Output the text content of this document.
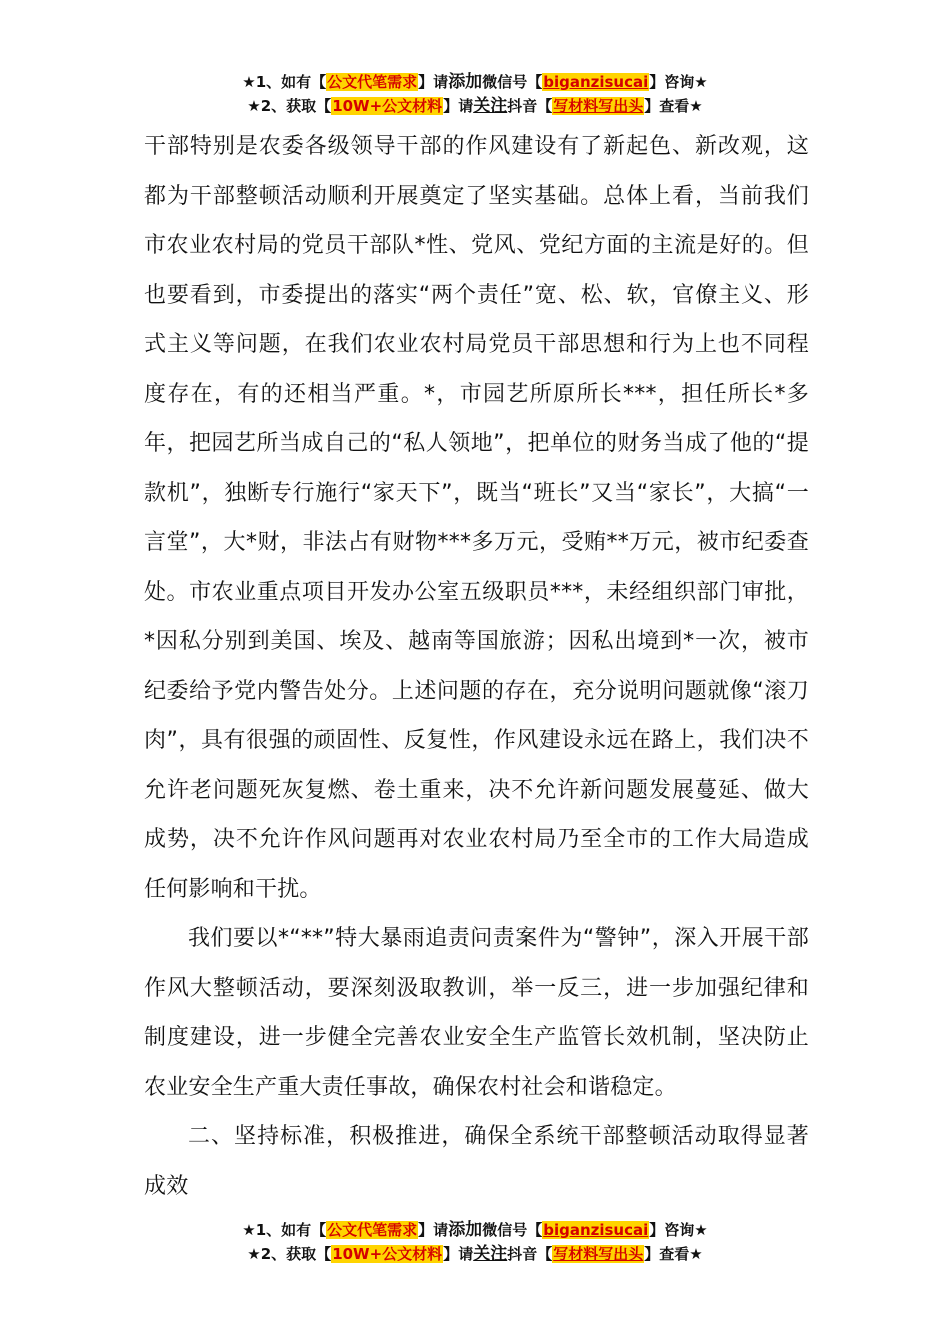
★1、如有【公文代笔需求】请添加微信号【biganzisucai】咨询★
★2、获取【10W+公文材料】请关注抖音【写材料写出头】查看★

干部特别是农委各级领导干部的作风建设有了新起色、新改观，这都为干部整顿活动顺利开展奠定了坚实基础。总体上看，当前我们市农业农村局的党员干部队*性、党风、党纪方面的主流是好的。但也要看到，市委提出的落实“两个责任”宽、松、软，官僚主义、形式主义等问题，在我们农业农村局党员干部思想和行为上也不同程度存在，有的还相当严重。*，市园艺所原所长***，担任所长*多年，把园艺所当成自己的“私人领地”，把单位的财务当成了他的“提款机”，独断专行施行“家天下”，既当“班长”又当“家长”，大搞“一言堂”，大*财，非法占有财物***多万元，受贿**万元，被市纪委查处。市农业重点项目开发办公室五级职员***，未经组织部门审批，*因私分别到美国、埃及、越南等国旅游；因私出境到*一次，被市纪委给予党内警告处分。上述问题的存在，充分说明问题就像“滚刀肉”，具有很强的顽固性、反复性，作风建设永远在路上，我们决不允许老问题死灰复燃、卷土重来，决不允许新问题发展蔓延、做大成势，决不允许作风问题再对农业农村局乃至全市的工作大局造成任何影响和干扰。

我们要以*“**”特大暴雨追责问责案件为“警钟”，深入开展干部作风大整顿活动，要深刻汲取教训，举一反三，进一步加强纪律和制度建设，进一步健全完善农业安全生产监管长效机制，坚决防止农业安全生产重大责任事故，确保农村社会和谐稳定。

二、坚持标准，积极推进，确保全系统干部整顿活动取得显著成效

★1、如有【公文代笔需求】请添加微信号【biganzisucai】咨询★
★2、获取【10W+公文材料】请关注抖音【写材料写出头】查看★
